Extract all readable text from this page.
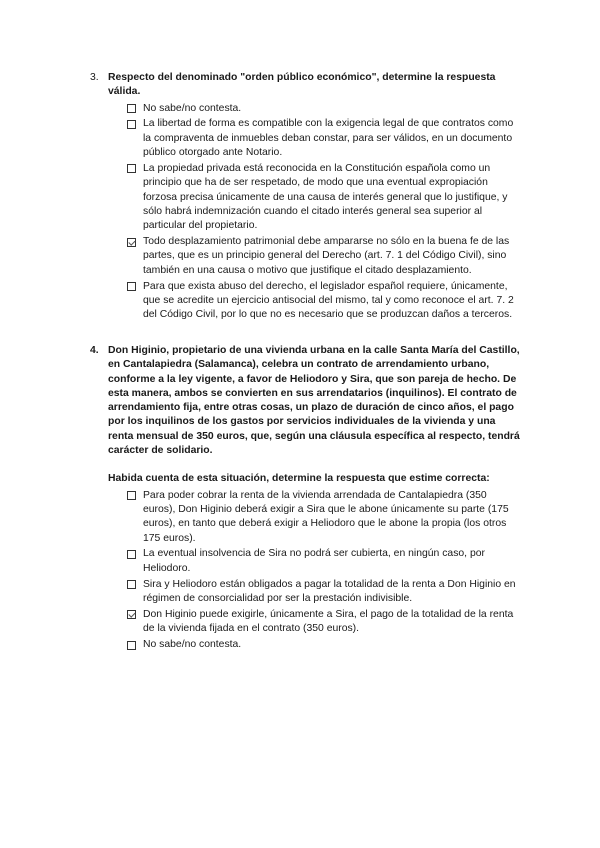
3. Respecto del denominado "orden público económico", determine la respuesta válida.
No sabe/no contesta.
La libertad de forma es compatible con la exigencia legal de que contratos como la compraventa de inmuebles deban constar, para ser válidos, en un documento público otorgado ante Notario.
La propiedad privada está reconocida en la Constitución española como un principio que ha de ser respetado, de modo que una eventual expropiación forzosa precisa únicamente de una causa de interés general que lo justifique, y sólo habrá indemnización cuando el citado interés general sea superior al particular del propietario.
Todo desplazamiento patrimonial debe ampararse no sólo en la buena fe de las partes, que es un principio general del Derecho (art. 7. 1 del Código Civil), sino también en una causa o motivo que justifique el citado desplazamiento.
Para que exista abuso del derecho, el legislador español requiere, únicamente, que se acredite un ejercicio antisocial del mismo, tal y como reconoce el art. 7. 2 del Código Civil, por lo que no es necesario que se produzcan daños a terceros.
4. Don Higinio, propietario de una vivienda urbana en la calle Santa María del Castillo, en Cantalapiedra (Salamanca), celebra un contrato de arrendamiento urbano, conforme a la ley vigente, a favor de Heliodoro y Sira, que son pareja de hecho. De esta manera, ambos se convierten en sus arrendatarios (inquilinos). El contrato de arrendamiento fija, entre otras cosas, un plazo de duración de cinco años, el pago por los inquilinos de los gastos por servicios individuales de la vivienda y una renta mensual de 350 euros, que, según una cláusula específica al respecto, tendrá carácter de solidario.
Habida cuenta de esta situación, determine la respuesta que estime correcta:
Para poder cobrar la renta de la vivienda arrendada de Cantalapiedra (350 euros), Don Higinio deberá exigir a Sira que le abone únicamente su parte (175 euros), en tanto que deberá exigir a Heliodoro que le abone la propia (los otros 175 euros).
La eventual insolvencia de Sira no podrá ser cubierta, en ningún caso, por Heliodoro.
Sira y Heliodoro están obligados a pagar la totalidad de la renta a Don Higinio en régimen de consorcialidad por ser la prestación indivisible.
Don Higinio puede exigirle, únicamente a Sira, el pago de la totalidad de la renta de la vivienda fijada en el contrato (350 euros).
No sabe/no contesta.
